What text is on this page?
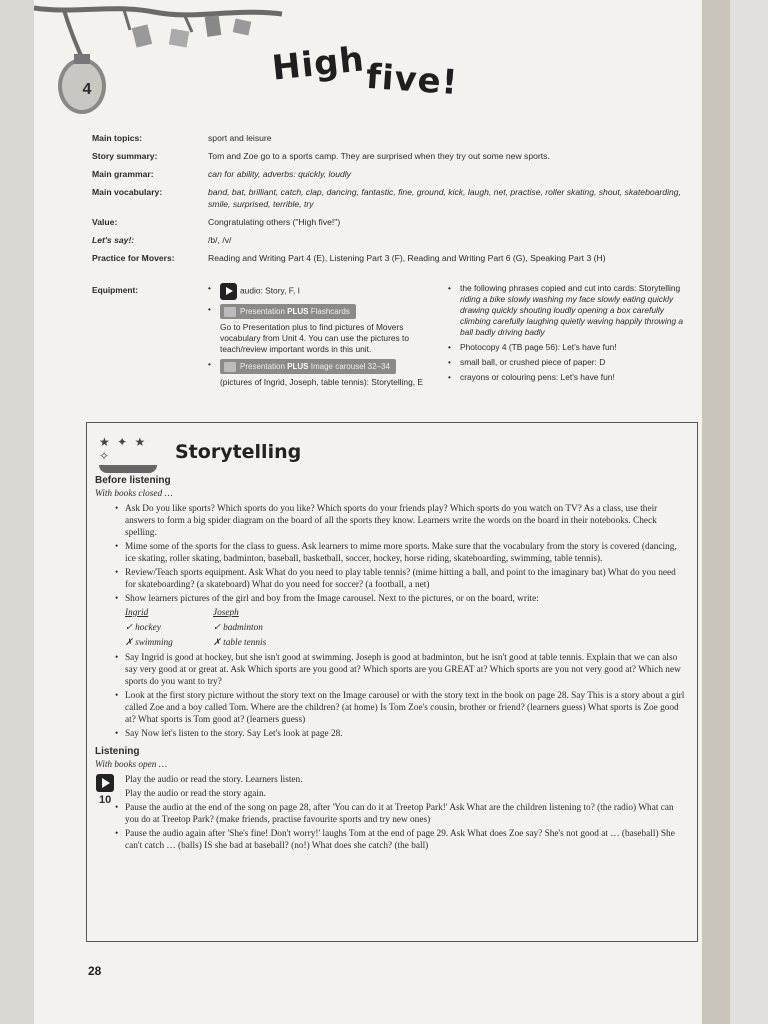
4
High
five!
Main topics:	sport and leisure
Story summary:	Tom and Zoe go to a sports camp. They are surprised when they try out some new sports.
Main grammar:	can for ability, adverbs: quickly, loudly
Main vocabulary:	band, bat, brilliant, catch, clap, dancing, fantastic, fine, ground, kick, laugh, net, practise, roller skating, shout, skateboarding, smile, surprised, terrible, try
Value:	Congratulating others ("High five!")
Let's say!:	/b/, /v/
Practice for Movers:	Reading and Writing Part 4 (E), Listening Part 3 (F), Reading and Writing Part 6 (G), Speaking Part 3 (H)
Equipment:
•	audio: Story, F, I
• Presentation PLUS Flashcards
Go to Presentation plus to find pictures of Movers vocabulary from Unit 4. You can use the pictures to teach/review important words in this unit.
• Presentation PLUS Image carousel 32–34
(pictures of Ingrid, Joseph, table tennis): Storytelling, E
• the following phrases copied and cut into cards: Storytelling
riding a bike slowly washing my face slowly eating quickly drawing quickly shouting loudly opening a box carefully climbing carefully laughing quietly waving happily throwing a ball badly driving badly
• Photocopy 4 (TB page 56): Let's have fun!
• small ball, or crushed piece of paper: D
• crayons or colouring pens: Let's have fun!
★ ✦ ★ ✧	Storytelling

Before listening

With books closed …

• Ask Do you like sports? Which sports do you like? Which sports do your friends play? Which sports do you watch on TV? As a class, use their answers to form a big spider diagram on the board of all the sports they know. Learners write the words on the board in their notebooks. Check spelling.
• Mime some of the sports for the class to guess. Ask learners to mime more sports. Make sure that the vocabulary from the story is covered (dancing, ice skating, roller skating, badminton, baseball, basketball, soccer, hockey, horse riding, skateboarding, swimming, table tennis).
• Review/Teach sports equipment. Ask What do you need to play table tennis? (mime hitting a ball, and point to the imaginary bat) What do you need for skateboarding? (a skateboard) What do you need for soccer? (a football, a net)
• Show learners pictures of the girl and boy from the Image carousel. Next to the pictures, or on the board, write:
Ingrid	Joseph
✓ hockey	✓ badminton
✗ swimming	✗ table tennis
• Say Ingrid is good at hockey, but she isn't good at swimming. Joseph is good at badminton, but he isn't good at table tennis. Explain that we can also say very good at or great at. Ask Which sports are you good at? Which sports are you GREAT at? Which sports are you not very good at? Which new sports do you want to try?
• Look at the first story picture without the story text on the Image carousel or with the story text in the book on page 28. Say This is a story about a girl called Zoe and a boy called Tom. Where are the children? (at home) Is Tom Zoe's cousin, brother or friend? (learners guess) What sports is Zoe good at? What sports is Tom good at? (learners guess)
• Say Now let's listen to the story. Say Let's look at page 28.

Listening

With books open …

10
Play the audio or read the story. Learners listen.
Play the audio or read the story again.
• Pause the audio at the end of the song on page 28, after 'You can do it at Treetop Park!' Ask What are the children listening to? (the radio) What can you do at Treetop Park? (make friends, practise favourite sports and try new ones)
• Pause the audio again after 'She's fine! Don't worry!' laughs Tom at the end of page 29. Ask What does Zoe say? She's not good at … (baseball) She can't catch … (balls) IS she bad at baseball? (no!) What does she catch? (the ball)
28
